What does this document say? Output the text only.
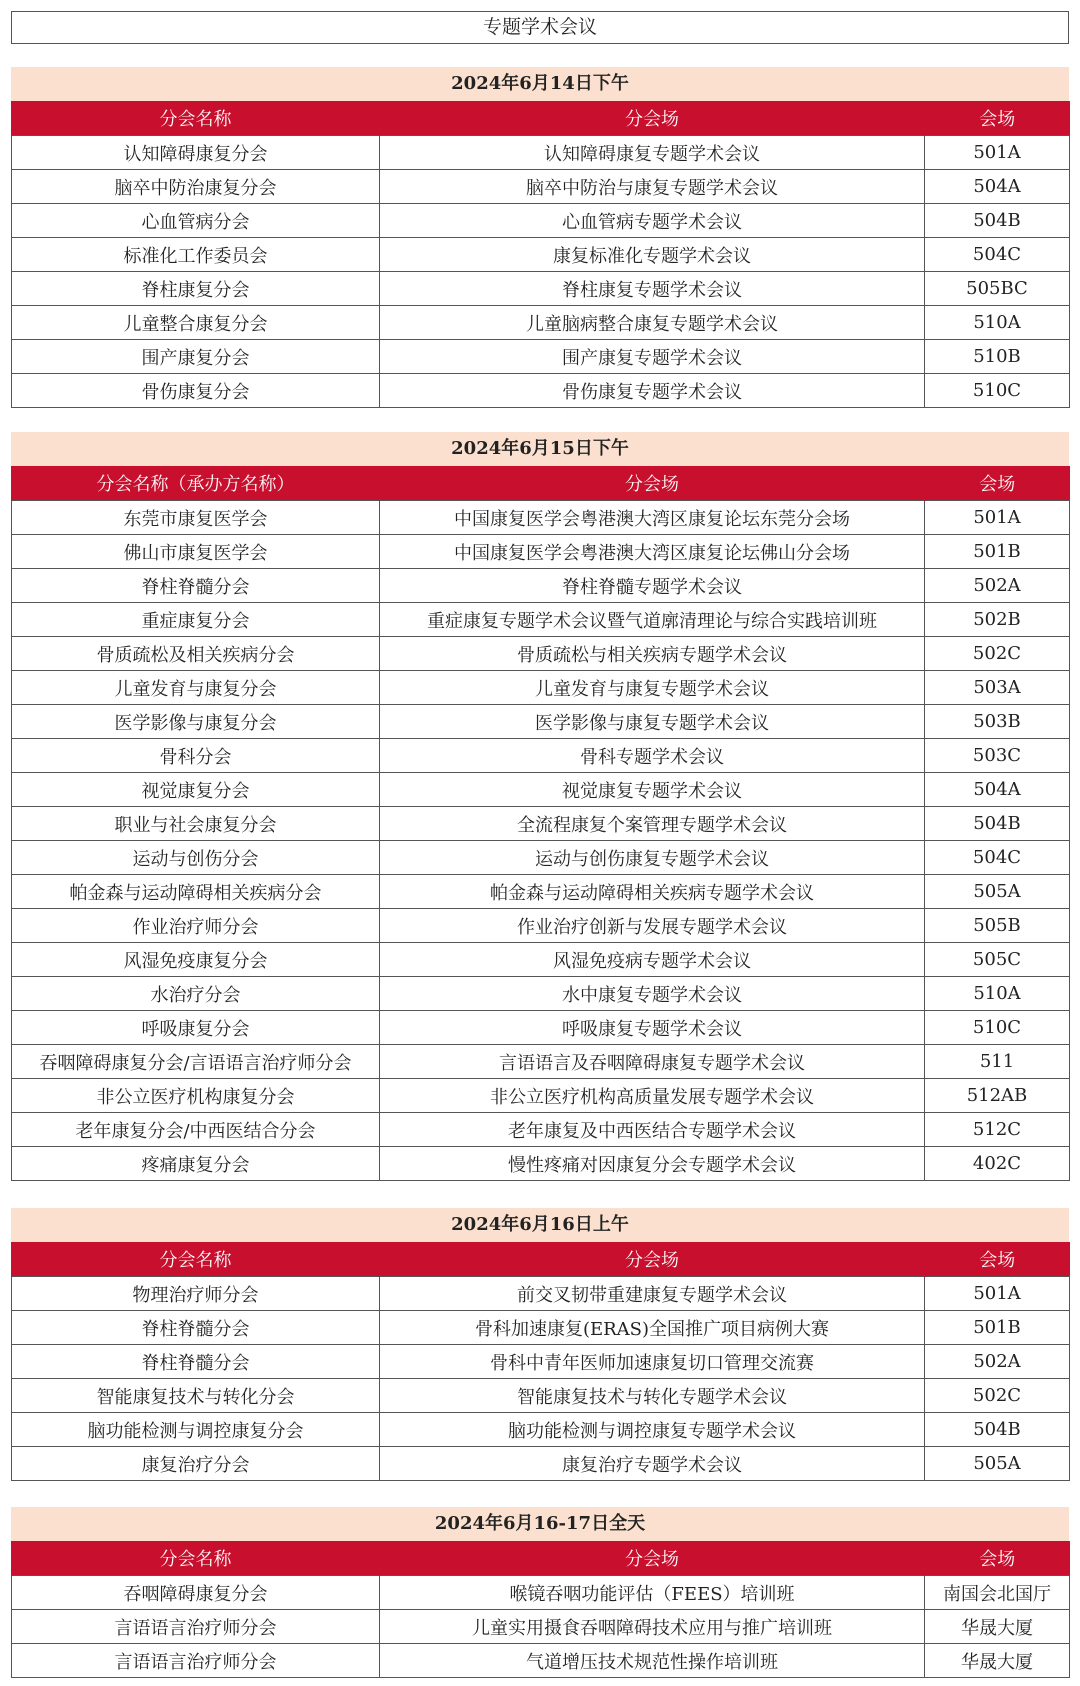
专题学术会议
2024年6月14日下午
分会名称	分会场	会场
认知障碍康复分会	认知障碍康复专题学术会议	501A
脑卒中防治康复分会	脑卒中防治与康复专题学术会议	504A
心血管病分会	心血管病专题学术会议	504B
标准化工作委员会	康复标准化专题学术会议	504C
脊柱康复分会	脊柱康复专题学术会议	505BC
儿童整合康复分会	儿童脑病整合康复专题学术会议	510A
围产康复分会	围产康复专题学术会议	510B
骨伤康复分会	骨伤康复专题学术会议	510C
2024年6月15日下午
分会名称（承办方名称）	分会场	会场
东莞市康复医学会	中国康复医学会粤港澳大湾区康复论坛东莞分会场	501A
佛山市康复医学会	中国康复医学会粤港澳大湾区康复论坛佛山分会场	501B
脊柱脊髓分会	脊柱脊髓专题学术会议	502A
重症康复分会	重症康复专题学术会议暨气道廓清理论与综合实践培训班	502B
骨质疏松及相关疾病分会	骨质疏松与相关疾病专题学术会议	502C
儿童发育与康复分会	儿童发育与康复专题学术会议	503A
医学影像与康复分会	医学影像与康复专题学术会议	503B
骨科分会	骨科专题学术会议	503C
视觉康复分会	视觉康复专题学术会议	504A
职业与社会康复分会	全流程康复个案管理专题学术会议	504B
运动与创伤分会	运动与创伤康复专题学术会议	504C
帕金森与运动障碍相关疾病分会	帕金森与运动障碍相关疾病专题学术会议	505A
作业治疗师分会	作业治疗创新与发展专题学术会议	505B
风湿免疫康复分会	风湿免疫病专题学术会议	505C
水治疗分会	水中康复专题学术会议	510A
呼吸康复分会	呼吸康复专题学术会议	510C
吞咽障碍康复分会/言语语言治疗师分会	言语语言及吞咽障碍康复专题学术会议	511
非公立医疗机构康复分会	非公立医疗机构高质量发展专题学术会议	512AB
老年康复分会/中西医结合分会	老年康复及中西医结合专题学术会议	512C
疼痛康复分会	慢性疼痛对因康复分会专题学术会议	402C
2024年6月16日上午
分会名称	分会场	会场
物理治疗师分会	前交叉韧带重建康复专题学术会议	501A
脊柱脊髓分会	骨科加速康复(ERAS)全国推广项目病例大赛	501B
脊柱脊髓分会	骨科中青年医师加速康复切口管理交流赛	502A
智能康复技术与转化分会	智能康复技术与转化专题学术会议	502C
脑功能检测与调控康复分会	脑功能检测与调控康复专题学术会议	504B
康复治疗分会	康复治疗专题学术会议	505A
2024年6月16-17日全天
分会名称	分会场	会场
吞咽障碍康复分会	喉镜吞咽功能评估（FEES）培训班	南国会北国厅
言语语言治疗师分会	儿童实用摄食吞咽障碍技术应用与推广培训班	华晟大厦
言语语言治疗师分会	气道增压技术规范性操作培训班	华晟大厦
